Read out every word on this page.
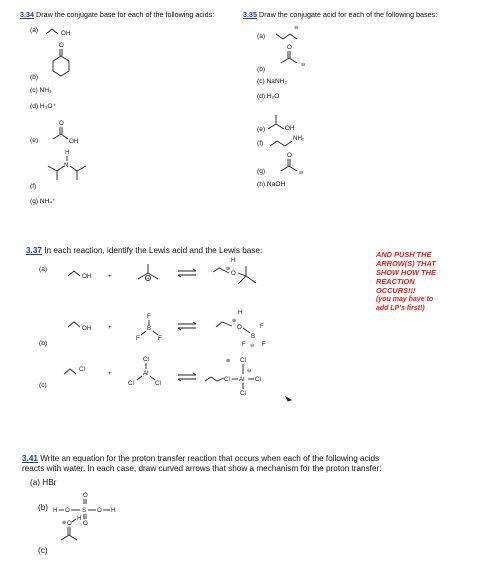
3.34 Draw the conjugate base for each of the following acids:
(a)	OH
O
(b)
(c) NH₃
(d) H₃O⁺
O
OH
(e)
H
N
(f)
(g) NH₄⁺
3.35 Draw the conjugate acid for each of the following bases:
(a)
⊖
O
⊖
(b)
(c) NaNH₂
(d) H₂O
OH
(e)
NH₂
(f)
O
⊖
(g)
(h) NaOH
3.37 In each reaction, identify the Lewis acid and the Lewis base:	AND PUSH THE
ARROW(S) THAT
SHOW HOW THE
REACTION
OCCURS!!!
(you may have to
add LP's first!)
(a)
OH	+	+
H
⊕
O
(b)
OH	+
F
B
F	F
H
⊕
O
B
F
F ⊖ F
(c)
Cl
+
Cl
Al
Cl	Cl
⊕
Cl Al Cl
Cl
⊖
Cl
3.41 Write an equation for the proton transfer reaction that occurs when each of the following acids
reacts with water. In each case, draw curved arrows that show a mechanism for the proton transfer:
(a) HBr
O
H O S O H
O
(b)
⊕ O
H
(c)
